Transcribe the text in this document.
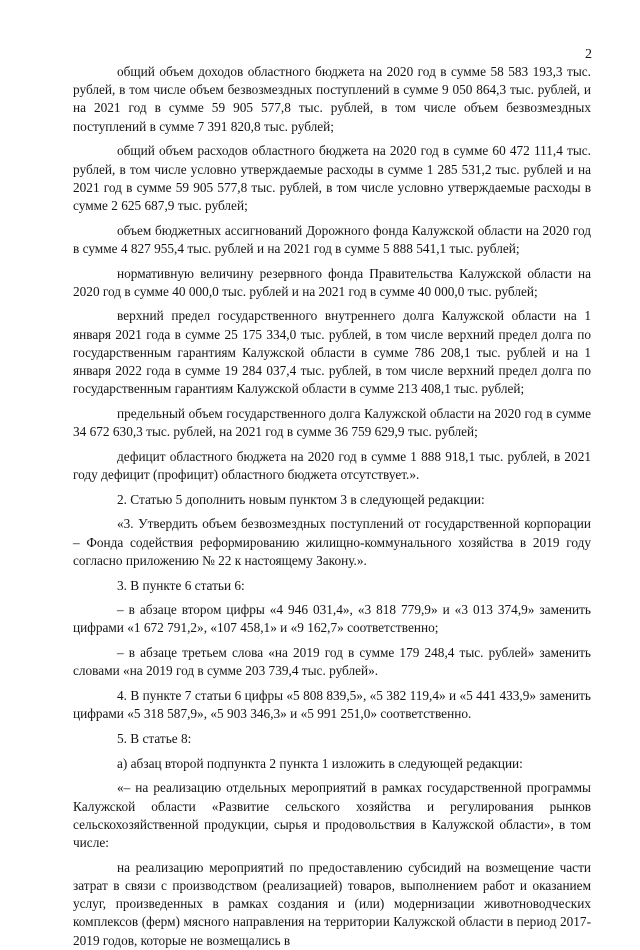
2

общий объем доходов областного бюджета на 2020 год в сумме 58 583 193,3 тыс. рублей, в том числе объем безвозмездных поступлений в сумме 9 050 864,3 тыс. рублей, и на 2021 год в сумме 59 905 577,8 тыс. рублей, в том числе объем безвозмездных поступлений в сумме 7 391 820,8 тыс. рублей;

общий объем расходов областного бюджета на 2020 год в сумме 60 472 111,4 тыс. рублей, в том числе условно утверждаемые расходы в сумме 1 285 531,2 тыс. рублей и на 2021 год в сумме 59 905 577,8 тыс. рублей, в том числе условно утверждаемые расходы в сумме 2 625 687,9 тыс. рублей;

объем бюджетных ассигнований Дорожного фонда Калужской области на 2020 год в сумме 4 827 955,4 тыс. рублей и на 2021 год в сумме 5 888 541,1 тыс. рублей;

нормативную величину резервного фонда Правительства Калужской области на 2020 год в сумме 40 000,0 тыс. рублей и на 2021 год в сумме 40 000,0 тыс. рублей;

верхний предел государственного внутреннего долга Калужской области на 1 января 2021 года в сумме 25 175 334,0 тыс. рублей, в том числе верхний предел долга по государственным гарантиям Калужской области в сумме 786 208,1 тыс. рублей и на 1 января 2022 года в сумме 19 284 037,4 тыс. рублей, в том числе верхний предел долга по государственным гарантиям Калужской области в сумме 213 408,1 тыс. рублей;

предельный объем государственного долга Калужской области на 2020 год в сумме 34 672 630,3 тыс. рублей, на 2021 год в сумме 36 759 629,9 тыс. рублей;

дефицит областного бюджета на 2020 год в сумме 1 888 918,1 тыс. рублей, в 2021 году дефицит (профицит) областного бюджета отсутствует.».

2. Статью 5 дополнить новым пунктом 3 в следующей редакции:

«3. Утвердить объем безвозмездных поступлений от государственной корпорации – Фонда содействия реформированию жилищно-коммунального хозяйства в 2019 году согласно приложению № 22 к настоящему Закону.».

3. В пункте 6 статьи 6:

– в абзаце втором цифры «4 946 031,4», «3 818 779,9» и «3 013 374,9» заменить цифрами «1 672 791,2», «107 458,1» и «9 162,7» соответственно;

– в абзаце третьем слова «на 2019 год в сумме 179 248,4 тыс. рублей» заменить словами «на 2019 год в сумме 203 739,4 тыс. рублей».

4. В пункте 7 статьи 6 цифры «5 808 839,5», «5 382 119,4» и «5 441 433,9» заменить цифрами «5 318 587,9», «5 903 346,3» и «5 991 251,0» соответственно.

5. В статье 8:

а) абзац второй подпункта 2 пункта 1 изложить в следующей редакции:

«– на реализацию отдельных мероприятий в рамках государственной программы Калужской области «Развитие сельского хозяйства и регулирования рынков сельскохозяйственной продукции, сырья и продовольствия в Калужской области», в том числе:

на реализацию мероприятий по предоставлению субсидий на возмещение части затрат в связи с производством (реализацией) товаров, выполнением работ и оказанием услуг, произведенных в рамках создания и (или) модернизации животноводческих комплексов (ферм) мясного направления на территории Калужской области в период 2017-2019 годов, которые не возмещались в
